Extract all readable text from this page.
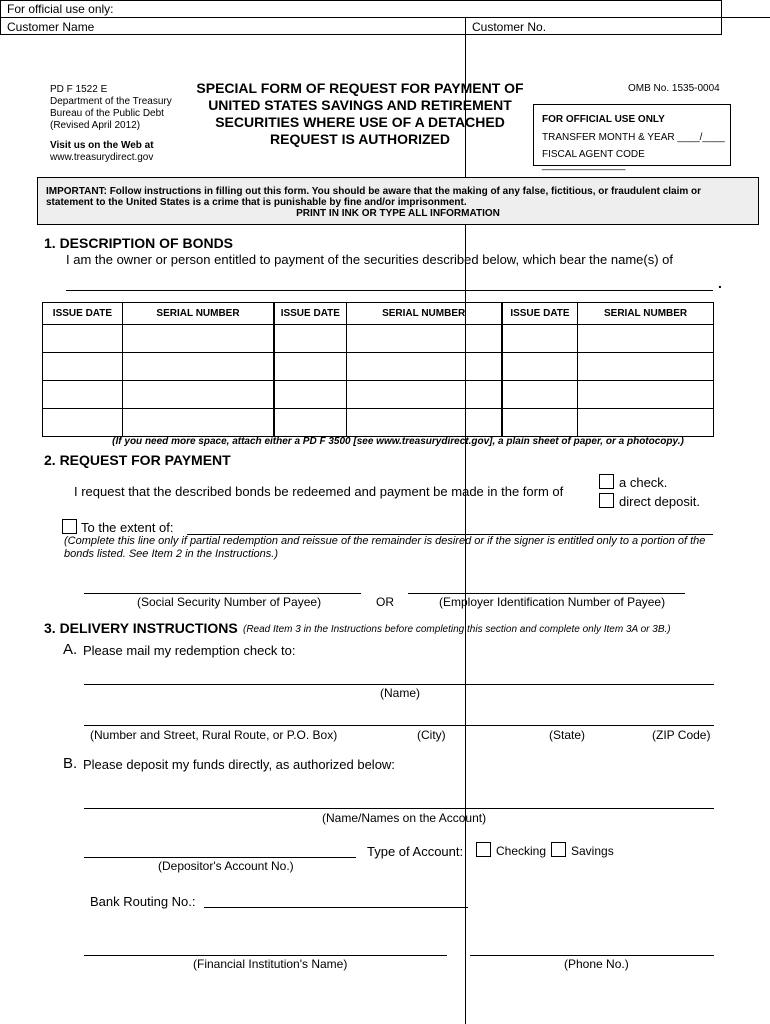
For official use only:
Customer Name	Customer No.
PD F 1522 E
Department of the Treasury
Bureau of the Public Debt
(Revised April 2012)
Visit us on the Web at
www.treasurydirect.gov
SPECIAL FORM OF REQUEST FOR PAYMENT OF UNITED STATES SAVINGS AND RETIREMENT SECURITIES WHERE USE OF A DETACHED REQUEST IS AUTHORIZED
OMB No. 1535-0004
FOR OFFICIAL USE ONLY
TRANSFER MONTH & YEAR ____/____
FISCAL AGENT CODE _______________
IMPORTANT: Follow instructions in filling out this form. You should be aware that the making of any false, fictitious, or fraudulent claim or statement to the United States is a crime that is punishable by fine and/or imprisonment.
PRINT IN INK OR TYPE ALL INFORMATION
1. DESCRIPTION OF BONDS
I am the owner or person entitled to payment of the securities described below, which bear the name(s) of
.
ISSUE DATE	SERIAL NUMBER	ISSUE DATE	SERIAL NUMBER	ISSUE DATE	SERIAL NUMBER

(If you need more space, attach either a PD F 3500 [see www.treasurydirect.gov], a plain sheet of paper, or a photocopy.)
2. REQUEST FOR PAYMENT
I request that the described bonds be redeemed and payment be made in the form of
a check.
direct deposit.
To the extent of:
(Complete this line only if partial redemption and reissue of the remainder is desired or if the signer is entitled only to a portion of the bonds listed. See Item 2 in the Instructions.)
(Social Security Number of Payee)	OR	(Employer Identification Number of Payee)
3. DELIVERY INSTRUCTIONS (Read Item 3 in the Instructions before completing this section and complete only Item 3A or 3B.)
A. Please mail my redemption check to:
(Name)
(Number and Street, Rural Route, or P.O. Box)	(City)	(State)	(ZIP Code)
B. Please deposit my funds directly, as authorized below:
(Name/Names on the Account)
(Depositor's Account No.)
Type of Account:	Checking Savings
Bank Routing No.:
(Financial Institution's Name)	(Phone No.)
